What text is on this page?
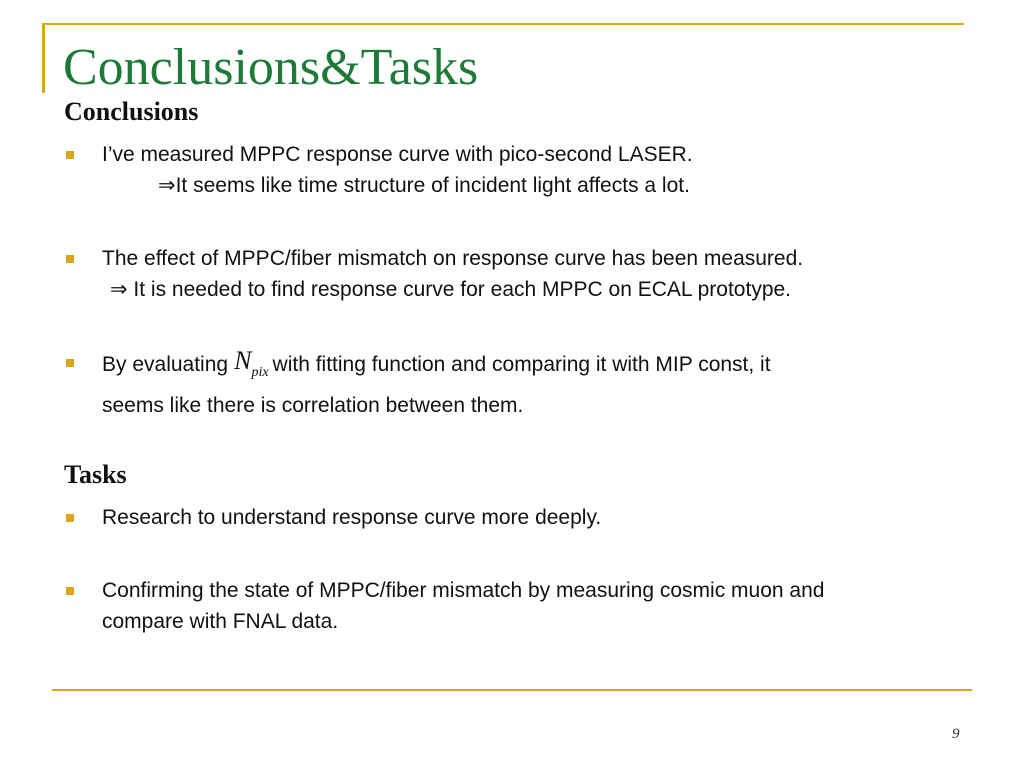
Conclusions&Tasks
Conclusions
I’ve measured MPPC response curve with pico-second LASER.
⇒It seems like time structure of incident light affects a lot.
The effect of MPPC/fiber mismatch on response curve has been measured.
⇒ It is needed to find response curve for each MPPC on ECAL prototype.
By evaluating $N_{pix}$ with fitting function and comparing it with MIP const, it
seems like there is correlation between them.
Tasks
Research to understand response curve more deeply.
Confirming the state of MPPC/fiber mismatch by measuring cosmic muon and
compare with FNAL data.
9
